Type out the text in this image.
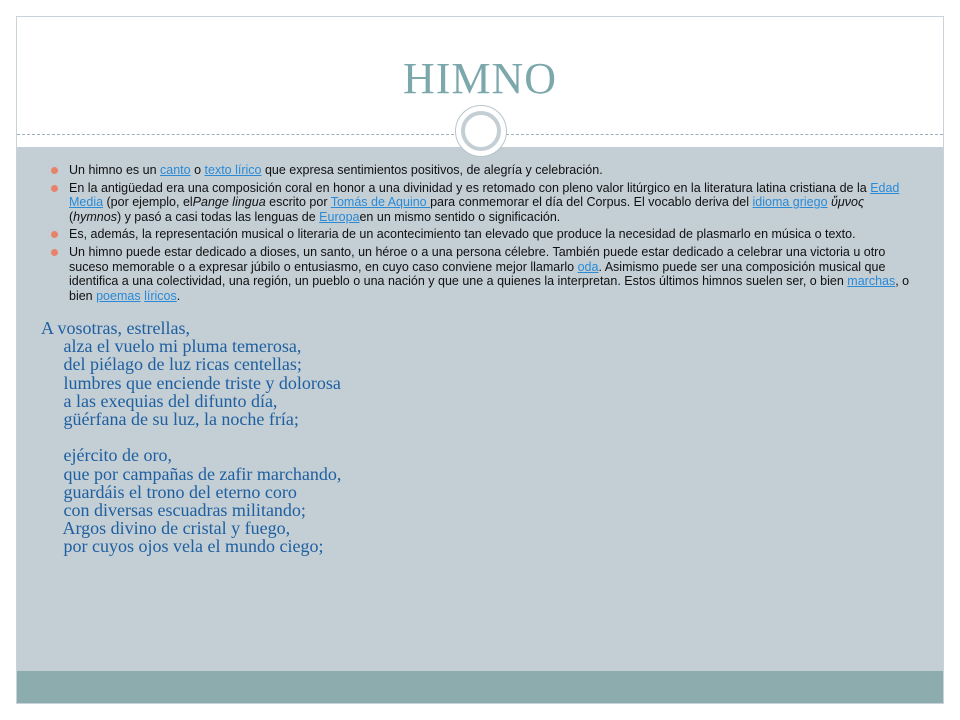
HIMNO
Un himno es un canto o texto lírico que expresa sentimientos positivos, de alegría y celebración.
En la antigüedad era una composición coral en honor a una divinidad y es retomado con pleno valor litúrgico en la literatura latina cristiana de la Edad Media (por ejemplo, elPange lingua escrito por Tomás de Aquino para conmemorar el día del Corpus. El vocablo deriva del idioma griego ὕμνος (hymnos) y pasó a casi todas las lenguas de Europaen un mismo sentido o significación.
Es, además, la representación musical o literaria de un acontecimiento tan elevado que produce la necesidad de plasmarlo en música o texto.
Un himno puede estar dedicado a dioses, un santo, un héroe o a una persona célebre. También puede estar dedicado a celebrar una victoria u otro suceso memorable o a expresar júbilo o entusiasmo, en cuyo caso conviene mejor llamarlo oda. Asimismo puede ser una composición musical que identifica a una colectividad, una región, un pueblo o una nación y que une a quienes la interpretan. Estos últimos himnos suelen ser, o bien marchas, o bien poemas líricos.
A vosotras, estrellas,
alza el vuelo mi pluma temerosa,
del piélago de luz ricas centellas;
lumbres que enciende triste y dolorosa
a las exequias del difunto día,
güérfana de su luz, la noche fría;

ejército de oro,
que por campañas de zafir marchando,
guardáis el trono del eterno coro
con diversas escuadras militando;
Argos divino de cristal y fuego,
por cuyos ojos vela el mundo ciego;
